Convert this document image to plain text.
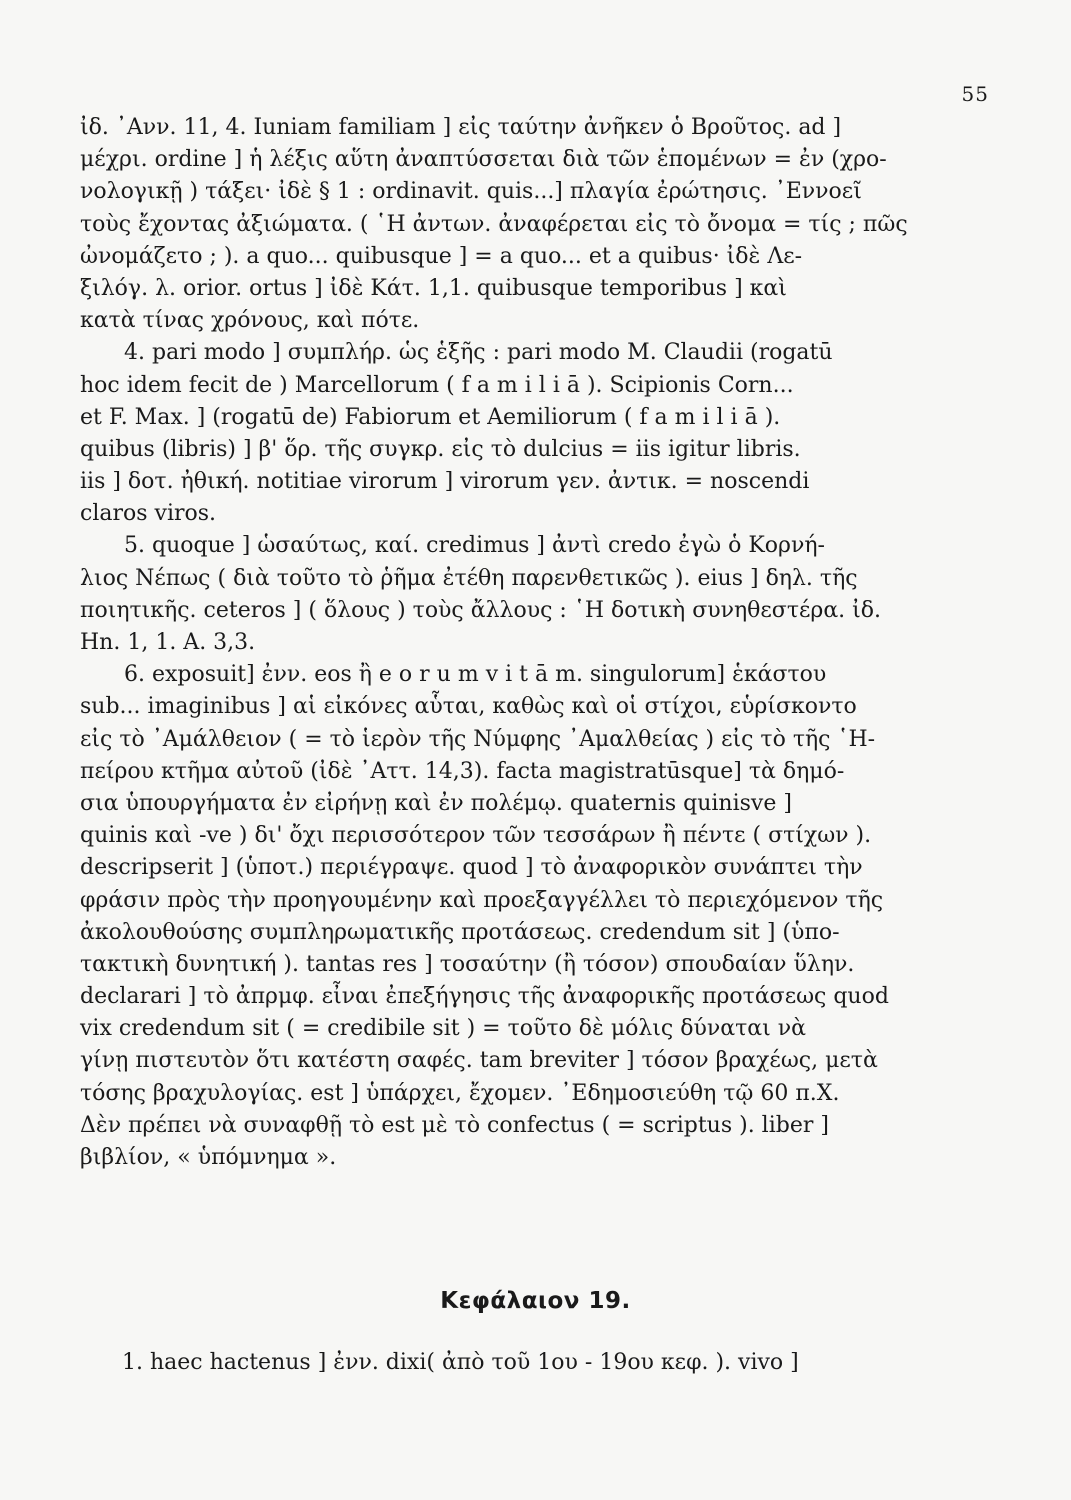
55
ἰδ. ᾿Ανν. 11, 4. Iuniam familiam ] εἰς ταύτην ἀνῆκεν ὁ Βροῦτος. ad ]
μέχρι. ordine ] ἡ λέξις αὕτη ἀναπτύσσεται διὰ τῶν ἑπομένων = ἐν (χρο-
νολογικῇ ) τάξει· ἰδὲ § 1 : ordinavit. quis...] πλαγία ἐρώτησις. ᾿Εννοεῖ
τοὺς ἔχοντας ἀξιώματα. ( ῾Η ἀντων. ἀναφέρεται εἰς τὸ ὄνομα = τίς ; πῶς
ὠνομάζετο ; ). a quo... quibusque ] = a quo... et a quibus· ἰδὲ Λε-
ξιλόγ. λ. orior. ortus ] ἰδὲ Κάτ. 1,1. quibusque temporibus ] καὶ
κατὰ τίνας χρόνους, καὶ πότε.
4. pari modo ] συμπλήρ. ὡς ἑξῆς : pari modo M. Claudii (rogatū
hoc idem fecit de ) Marcellorum ( f a m i l i ā ). Scipionis Corn...
et F. Max. ] (rogatū de) Fabiorum et Aemiliorum ( f a m i l i ā ).
quibus (libris) ] β' ὅρ. τῆς συγκρ. εἰς τὸ dulcius = iis igitur libris.
iis ] δοτ. ἠθική. notitiae virorum ] virorum γεν. ἀντικ. = noscendi
claros viros.
5. quoque ] ὡσαύτως, καί. credimus ] ἀντὶ credo ἐγὼ ὁ Κορνή-
λιος Νέπως ( διὰ τοῦτο τὸ ῥῆμα ἐτέθη παρενθετικῶς ). eius ] δηλ. τῆς
ποιητικῆς. ceteros ] ( ὅλους ) τοὺς ἄλλους : ῾Η δοτικὴ συνηθεστέρα. ἰδ.
Hn. 1, 1. A. 3,3.
6. exposuit] ἐνν. eos ἢ e o r u m v i t ā m. singulorum] ἑκάστου
sub... imaginibus ] αἱ εἰκόνες αὗται, καθὼς καὶ οἱ στίχοι, εὑρίσκοντο
εἰς τὸ ᾿Αμάλθειον ( = τὸ ἱερὸν τῆς Νύμφης ᾿Αμαλθείας ) εἰς τὸ τῆς ῾Η-
πείρου κτῆμα αὐτοῦ (ἰδὲ ᾿Αττ. 14,3). facta magistratūsque] τὰ δημό-
σια ὑπουργήματα ἐν εἰρήνῃ καὶ ἐν πολέμῳ. quaternis quinisve ]
quinis καὶ -ve ) δι' ὄχι περισσότερον τῶν τεσσάρων ἢ πέντε ( στίχων ).
descripserit ] (ὑποτ.) περιέγραψε. quod ] τὸ ἀναφορικὸν συνάπτει τὴν
φράσιν πρὸς τὴν προηγουμένην καὶ προεξαγγέλλει τὸ περιεχόμενον τῆς
ἀκολουθούσης συμπληρωματικῆς προτάσεως. credendum sit ] (ὑπο-
τακτικὴ δυνητική ). tantas res ] τοσαύτην (ἢ τόσον) σπουδαίαν ὕλην.
declarari ] τὸ ἀπρμφ. εἶναι ἐπεξήγησις τῆς ἀναφορικῆς προτάσεως quod
vix credendum sit ( = credibile sit ) = τοῦτο δὲ μόλις δύναται νὰ
γίνῃ πιστευτὸν ὅτι κατέστη σαφές. tam breviter ] τόσον βραχέως, μετὰ
τόσης βραχυλογίας. est ] ὑπάρχει, ἔχομεν. ᾿Εδημοσιεύθη τῷ 60 π.Χ.
Δὲν πρέπει νὰ συναφθῇ τὸ est μὲ τὸ confectus ( = scriptus ). liber ]
βιβλίον, « ὑπόμνημα ».
Κεφάλαιον 19.
1. haec hactenus ] ἐνν. dixi( ἀπὸ τοῦ 1ου - 19ου κεφ. ). vivo ]
